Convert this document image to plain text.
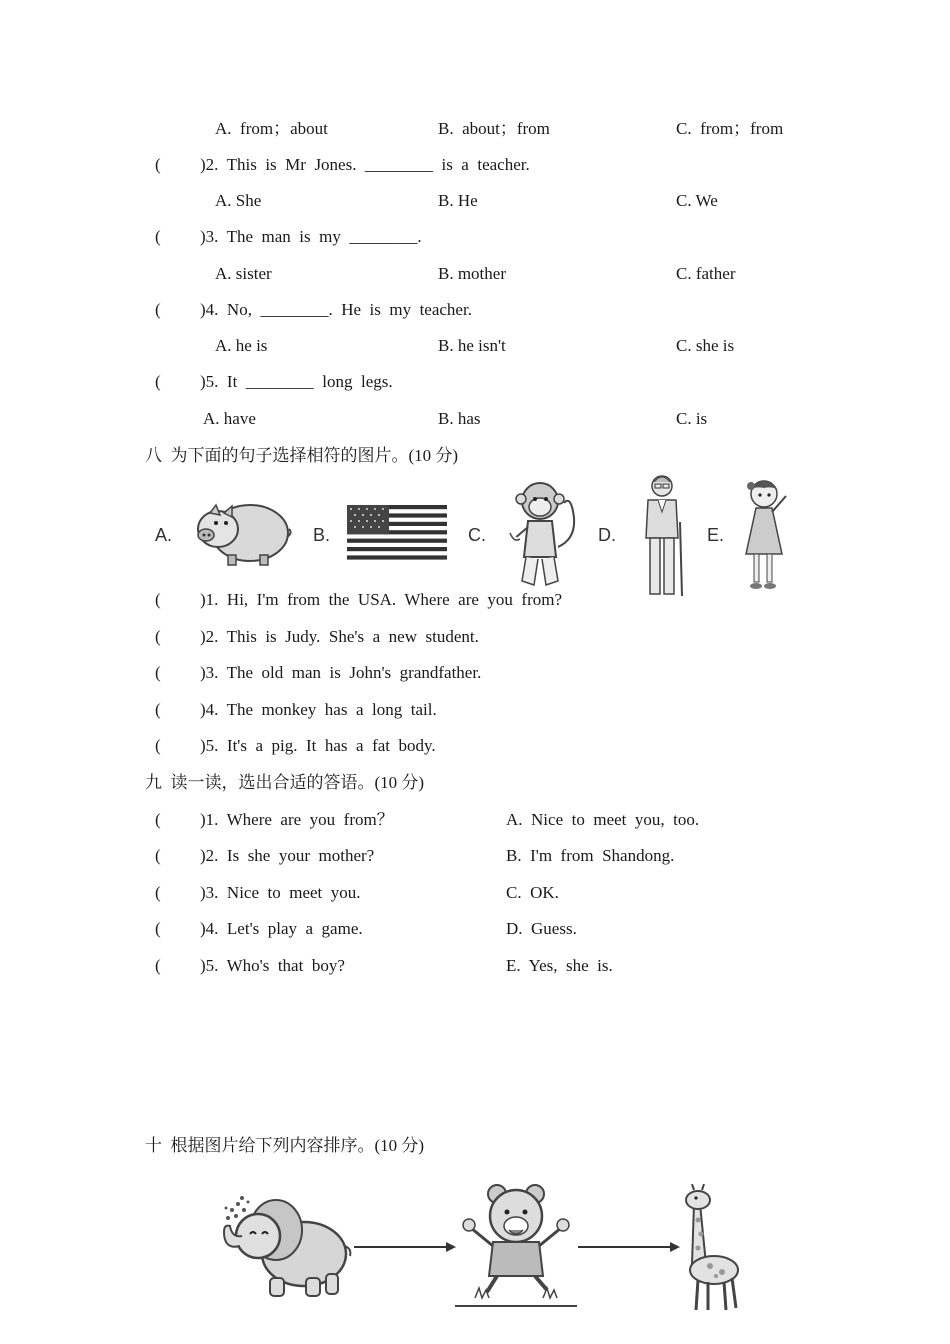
A.  from；about	B.  about；from	C.  from；from
( )2.  This  is  Mr  Jones.  ________  is  a  teacher.
A. She	B. He	C. We
( )3.  The  man  is  my  ________.
A. sister	B. mother	C. father
( )4.  No,  ________.  He  is  my  teacher.
A. he is	B. he isn't	C. she is
( )5.  It  ________  long  legs.
A. have	B. has	C. is
八  为下面的句子选择相符的图片。(10 分)
A.	B.	C.	D.	E.
( )1.  Hi,  I'm  from  the  USA.  Where  are  you  from?
( )2.  This  is  Judy.  She's  a  new  student.
( )3.  The  old  man  is  John's  grandfather.
( )4.  The  monkey  has  a  long  tail.
( )5.  It's  a  pig.  It  has  a  fat  body.
九  读一读，选出合适的答语。(10 分)
( )1.  Where  are  you  from？	A.  Nice  to  meet  you,  too.
( )2.  Is  she  your  mother?	B.  I'm  from  Shandong.
( )3.  Nice  to  meet  you.	C.  OK.
( )4.  Let's  play  a  game.	D.  Guess.
( )5.  Who's  that  boy?	E.  Yes,  she  is.
十  根据图片给下列内容排序。(10 分)
